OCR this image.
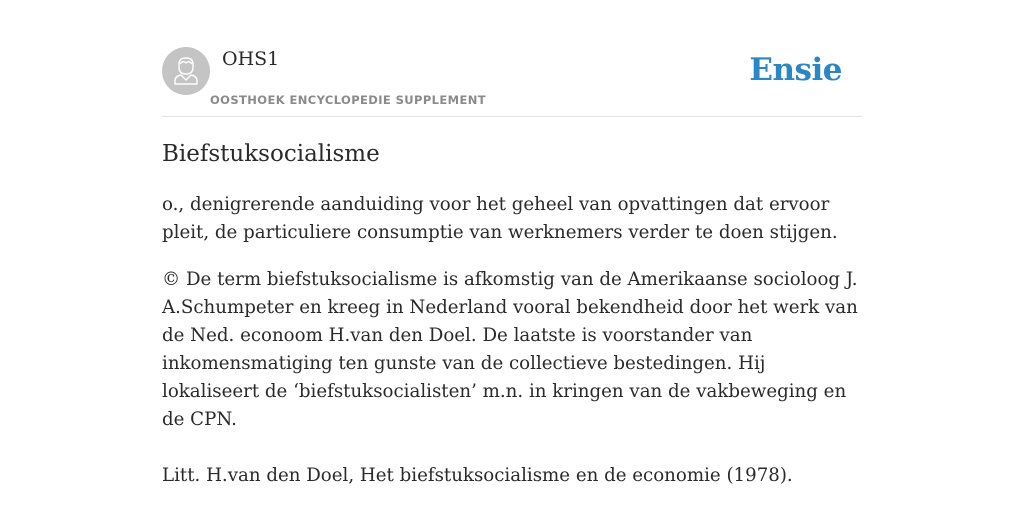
OHS1
OOSTHOEK ENCYCLOPEDIE SUPPLEMENT
Ensie
Biefstuksocialisme

o., denigrerende aanduiding voor het geheel van opvattingen dat ervoor pleit, de particuliere consumptie van werknemers verder te doen stijgen.

© De term biefstuksocialisme is afkomstig van de Amerikaanse socioloog J. A.Schumpeter en kreeg in Nederland vooral bekendheid door het werk van de Ned. econoom H.van den Doel. De laatste is voorstander van inkomensmatiging ten gunste van de collectieve bestedingen. Hij lokaliseert de ‘biefstuksocialisten’ m.n. in kringen van de vakbeweging en de CPN.

Litt. H.van den Doel, Het biefstuksocialisme en de economie (1978).
